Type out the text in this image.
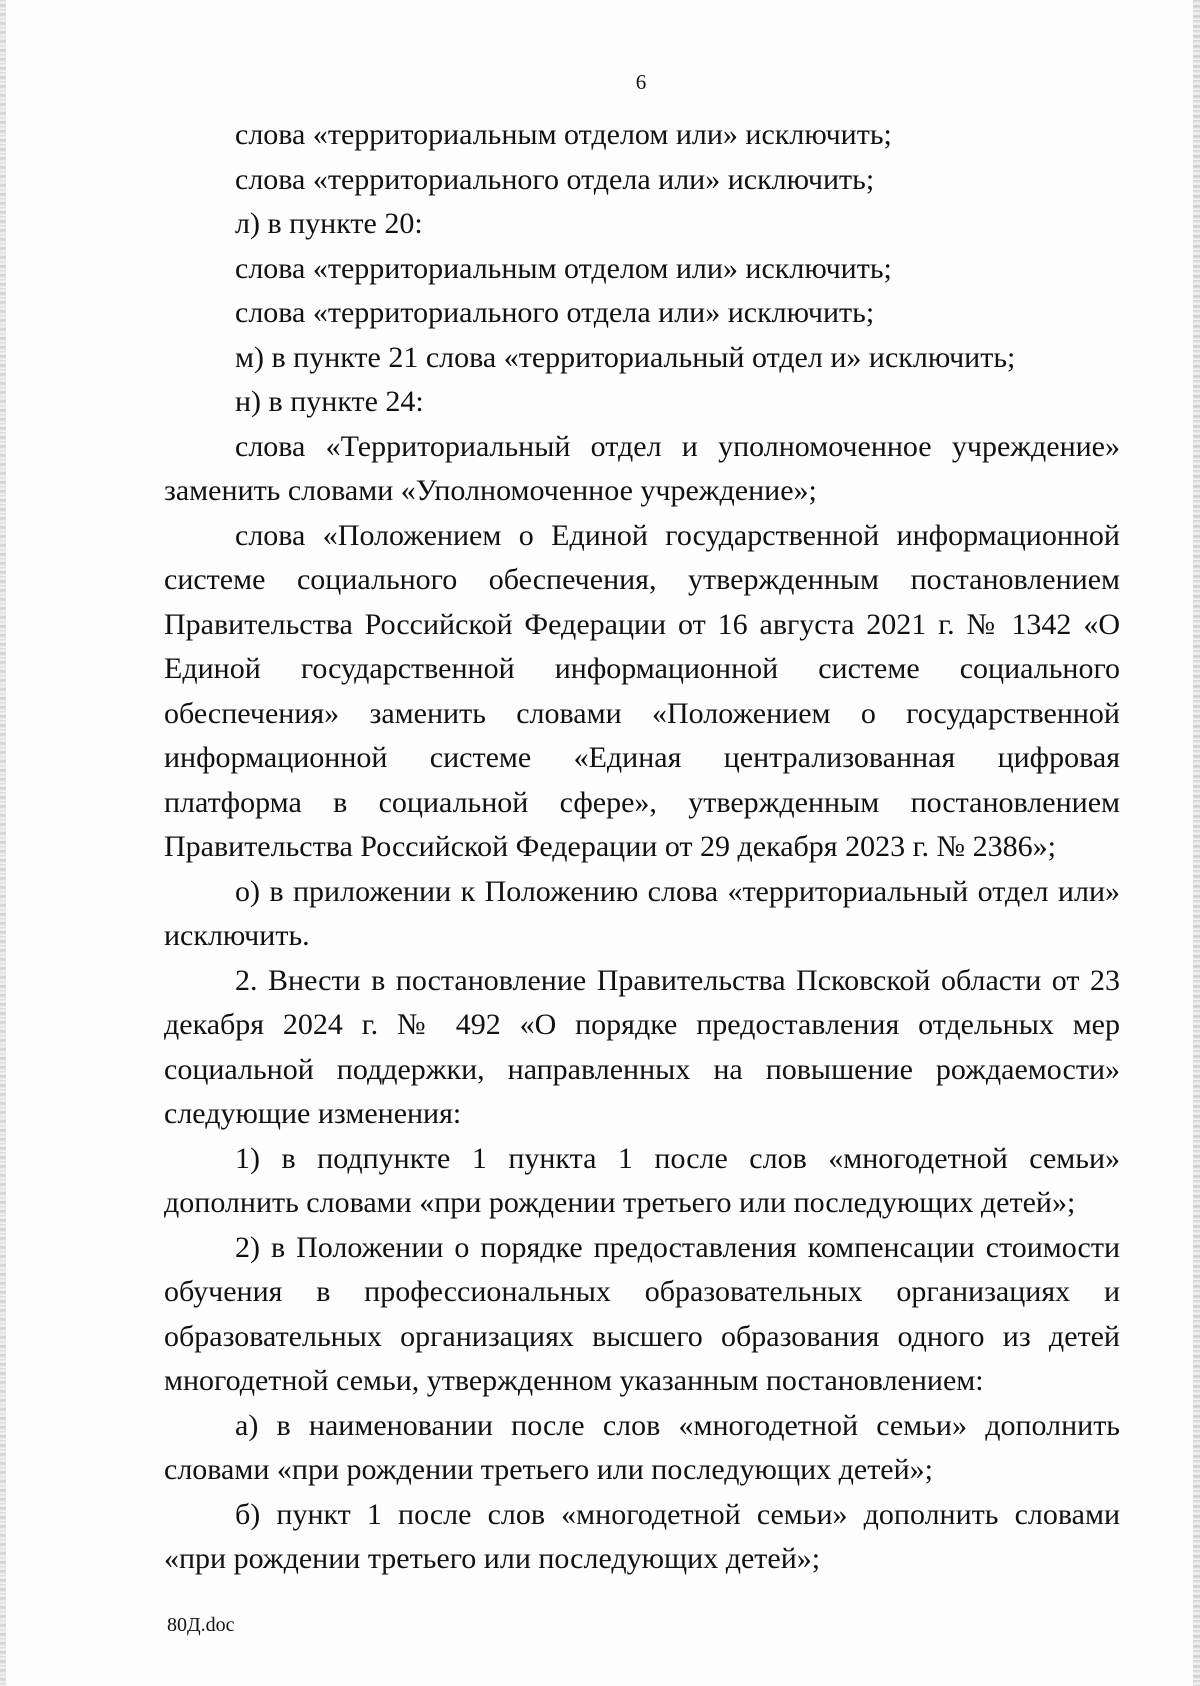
6

слова «территориальным отделом или» исключить;

слова «территориального отдела или» исключить;

л) в пункте 20:

слова «территориальным отделом или» исключить;

слова «территориального отдела или» исключить;

м) в пункте 21 слова «территориальный отдел и» исключить;

н) в пункте 24:

слова «Территориальный отдел и уполномоченное учреждение» заменить словами «Уполномоченное учреждение»;

слова «Положением о Единой государственной информационной системе социального обеспечения, утвержденным постановлением Правительства Российской Федерации от 16 августа 2021 г. № 1342 «О Единой государственной информационной системе социального обеспечения» заменить словами «Положением о государственной информационной системе «Единая централизованная цифровая платформа в социальной сфере», утвержденным постановлением Правительства Российской Федерации от 29 декабря 2023 г. № 2386»;

о) в приложении к Положению слова «территориальный отдел или» исключить.

2. Внести в постановление Правительства Псковской области от 23 декабря 2024 г. № 492 «О порядке предоставления отдельных мер социальной поддержки, направленных на повышение рождаемости» следующие изменения:

1) в подпункте 1 пункта 1 после слов «многодетной семьи» дополнить словами «при рождении третьего или последующих детей»;

2) в Положении о порядке предоставления компенсации стоимости обучения в профессиональных образовательных организациях и образовательных организациях высшего образования одного из детей многодетной семьи, утвержденном указанным постановлением:

а) в наименовании после слов «многодетной семьи» дополнить словами «при рождении третьего или последующих детей»;

б) пункт 1 после слов «многодетной семьи» дополнить словами «при рождении третьего или последующих детей»;

80Д.doc
